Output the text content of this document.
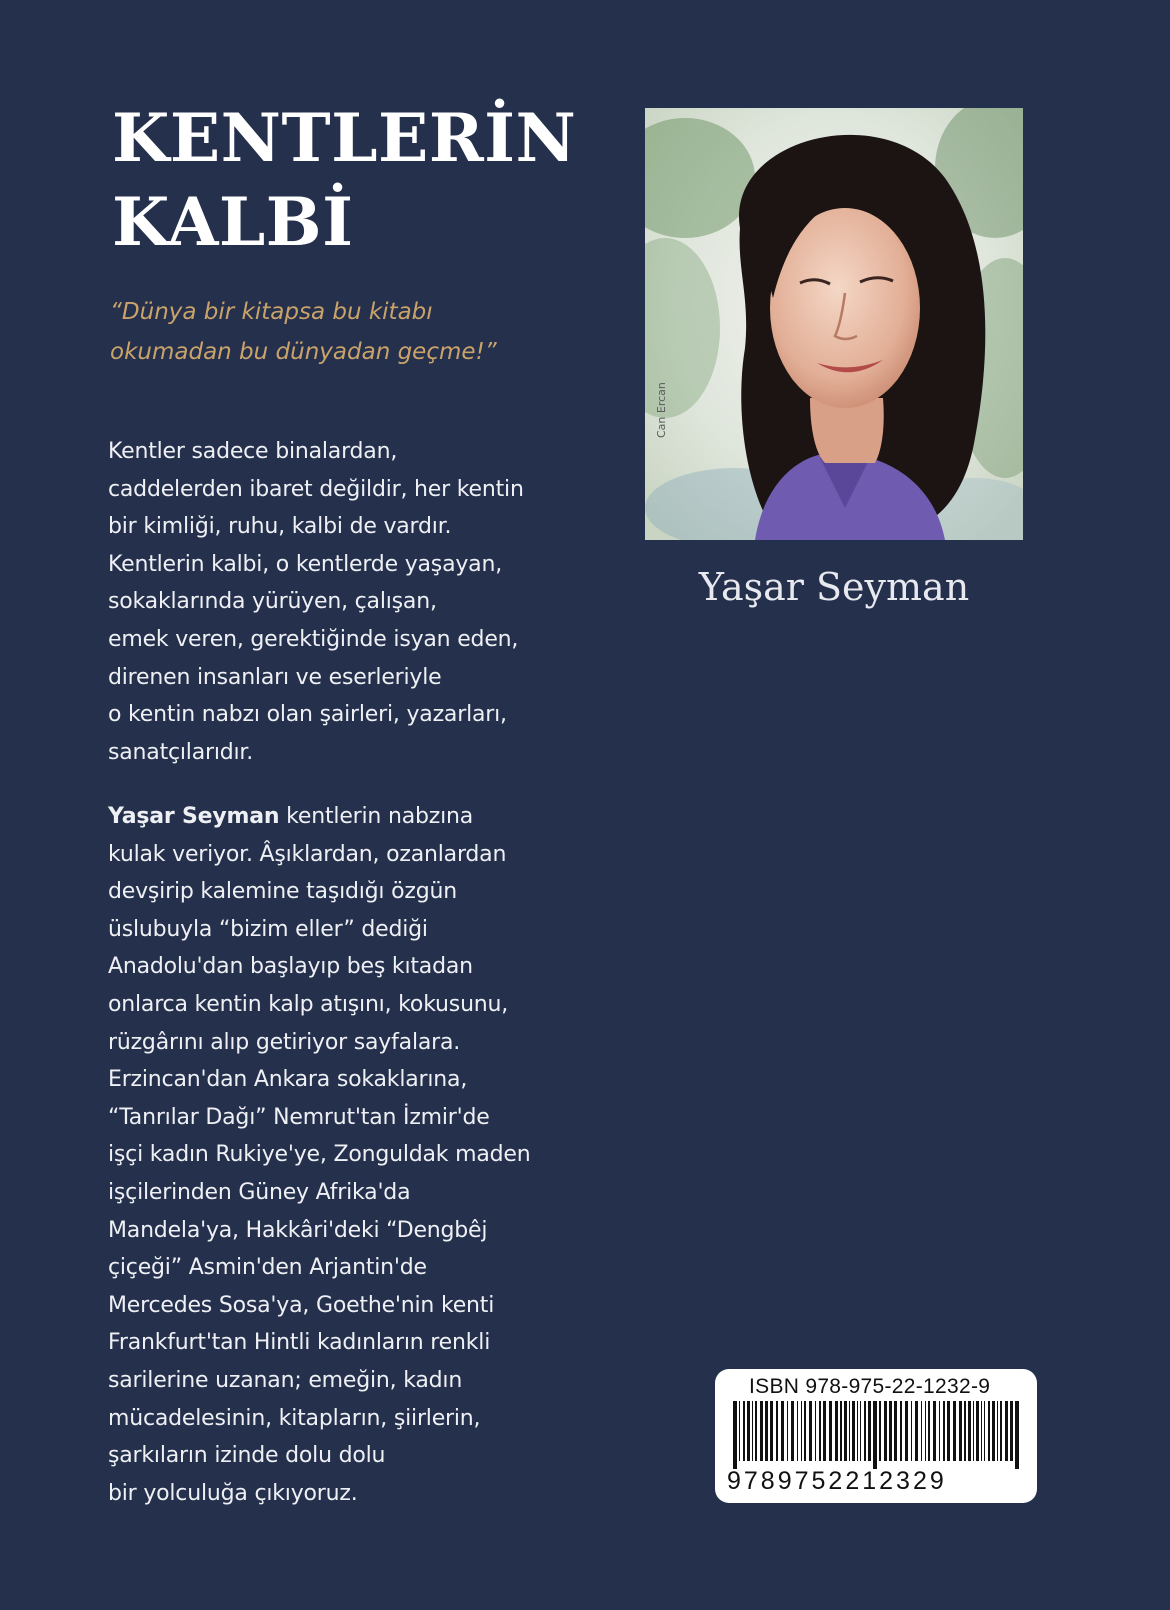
KENTLERİN
KALBİ
“Dünya bir kitapsa bu kitabı
okumadan bu dünyadan geçme!”
Kentler sadece binalardan,
caddelerden ibaret değildir, her kentin
bir kimliği, ruhu, kalbi de vardır.
Kentlerin kalbi, o kentlerde yaşayan,
sokaklarında yürüyen, çalışan,
emek veren, gerektiğinde isyan eden,
direnen insanları ve eserleriyle
o kentin nabzı olan şairleri, yazarları,
sanatçılarıdır.
Yaşar Seyman kentlerin nabzına
kulak veriyor. Âşıklardan, ozanlardan
devşirip kalemine taşıdığı özgün
üslubuyla “bizim eller” dediği
Anadolu'dan başlayıp beş kıtadan
onlarca kentin kalp atışını, kokusunu,
rüzgârını alıp getiriyor sayfalara.
Erzincan'dan Ankara sokaklarına,
“Tanrılar Dağı” Nemrut'tan İzmir'de
işçi kadın Rukiye'ye, Zonguldak maden
işçilerinden Güney Afrika'da
Mandela'ya, Hakkâri'deki “Dengbêj
çiçeği” Asmin'den Arjantin'de
Mercedes Sosa'ya, Goethe'nin kenti
Frankfurt'tan Hintli kadınların renkli
sarilerine uzanan; emeğin, kadın
mücadelesinin, kitapların, şiirlerin,
şarkıların izinde dolu dolu
bir yolculuğa çıkıyoruz.
Can Ercan
Yaşar Seyman
ISBN 978-975-22-1232-9
9789752212329
